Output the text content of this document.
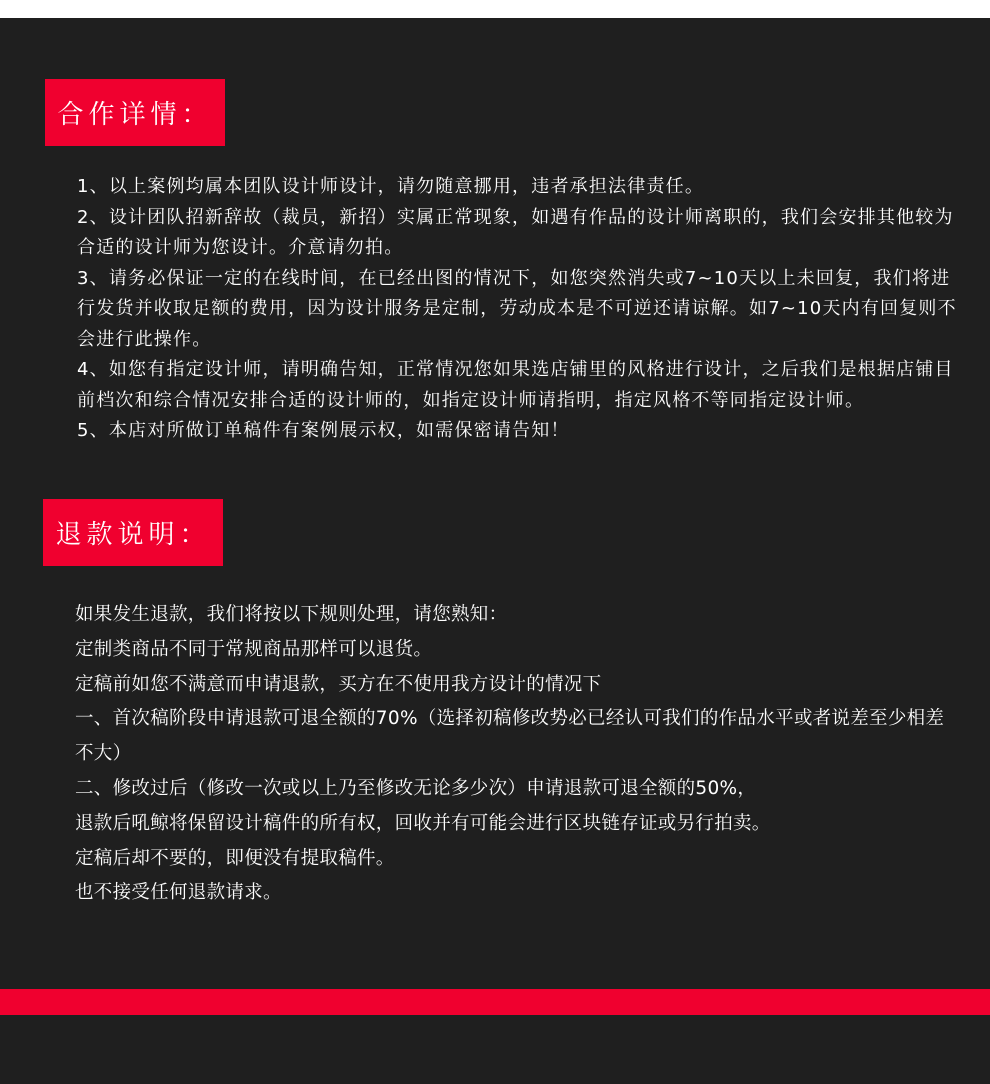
合作详情：
1、以上案例均属本团队设计师设计，请勿随意挪用，违者承担法律责任。
2、设计团队招新辞故（裁员，新招）实属正常现象，如遇有作品的设计师离职的，我们会安排其他较为合适的设计师为您设计。介意请勿拍。
3、请务必保证一定的在线时间，在已经出图的情况下，如您突然消失或7~10天以上未回复，我们将进行发货并收取足额的费用，因为设计服务是定制，劳动成本是不可逆还请谅解。如7~10天内有回复则不会进行此操作。
4、如您有指定设计师，请明确告知，正常情况您如果选店铺里的风格进行设计，之后我们是根据店铺目前档次和综合情况安排合适的设计师的，如指定设计师请指明，指定风格不等同指定设计师。
5、本店对所做订单稿件有案例展示权，如需保密请告知！
退款说明：
如果发生退款，我们将按以下规则处理，请您熟知：
定制类商品不同于常规商品那样可以退货。
定稿前如您不满意而申请退款，买方在不使用我方设计的情况下
一、首次稿阶段申请退款可退全额的70%（选择初稿修改势必已经认可我们的作品水平或者说差至少相差不大）
二、修改过后（修改一次或以上乃至修改无论多少次）申请退款可退全额的50%，
退款后吼鲸将保留设计稿件的所有权，回收并有可能会进行区块链存证或另行拍卖。
定稿后却不要的，即便没有提取稿件。
也不接受任何退款请求。
